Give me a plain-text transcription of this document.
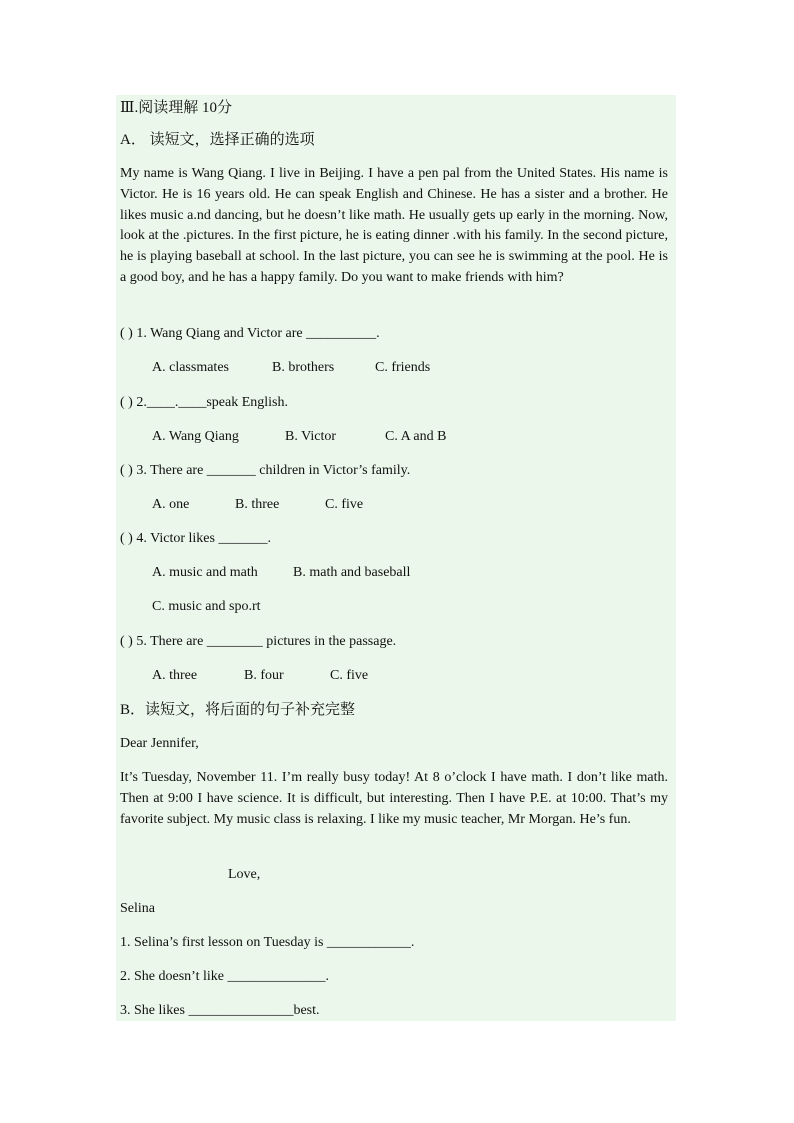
Ⅲ.阅读理解 10分
A． 读短文，选择正确的选项
My name is Wang Qiang. I live in Beijing. I have a pen pal from the United States. His name is Victor. He is 16 years old. He can speak English and Chinese. He has a sister and a brother. He likes music a.nd dancing, but he doesn’t like math. He usually gets up early in the morning. Now, look at the .pictures. In the first picture, he is eating dinner .with his family. In the second picture, he is playing baseball at school. In the last picture, you can see he is swimming at the pool. He is a good boy, and he has a happy family. Do you want to make friends with him?
( ) 1. Wang Qiang and Victor are __________.
A. classmates	B. brothers	C. friends
( ) 2.____.____speak English.
A. Wang Qiang	B. Victor	C. A and B
( ) 3. There are _______ children in Victor’s family.
A. one	B. three	C. five
( ) 4. Victor likes _______.
A. music and math	B. math and baseball
C. music and spo.rt
( ) 5. There are ________ pictures in the passage.
A. three	B. four	C. five
B．读短文，将后面的句子补充完整
Dear Jennifer,
It’s Tuesday, November 11. I’m really busy today! At 8 o’clock I have math. I don’t like math. Then at 9:00 I have science. It is difficult, but interesting. Then I have P.E. at 10:00. That’s my favorite subject. My music class is relaxing. I like my music teacher, Mr Morgan. He’s fun.
Love,
Selina
1. Selina’s first lesson on Tuesday is ____________.
2. She doesn’t like ______________.
3. She likes _______________best.
